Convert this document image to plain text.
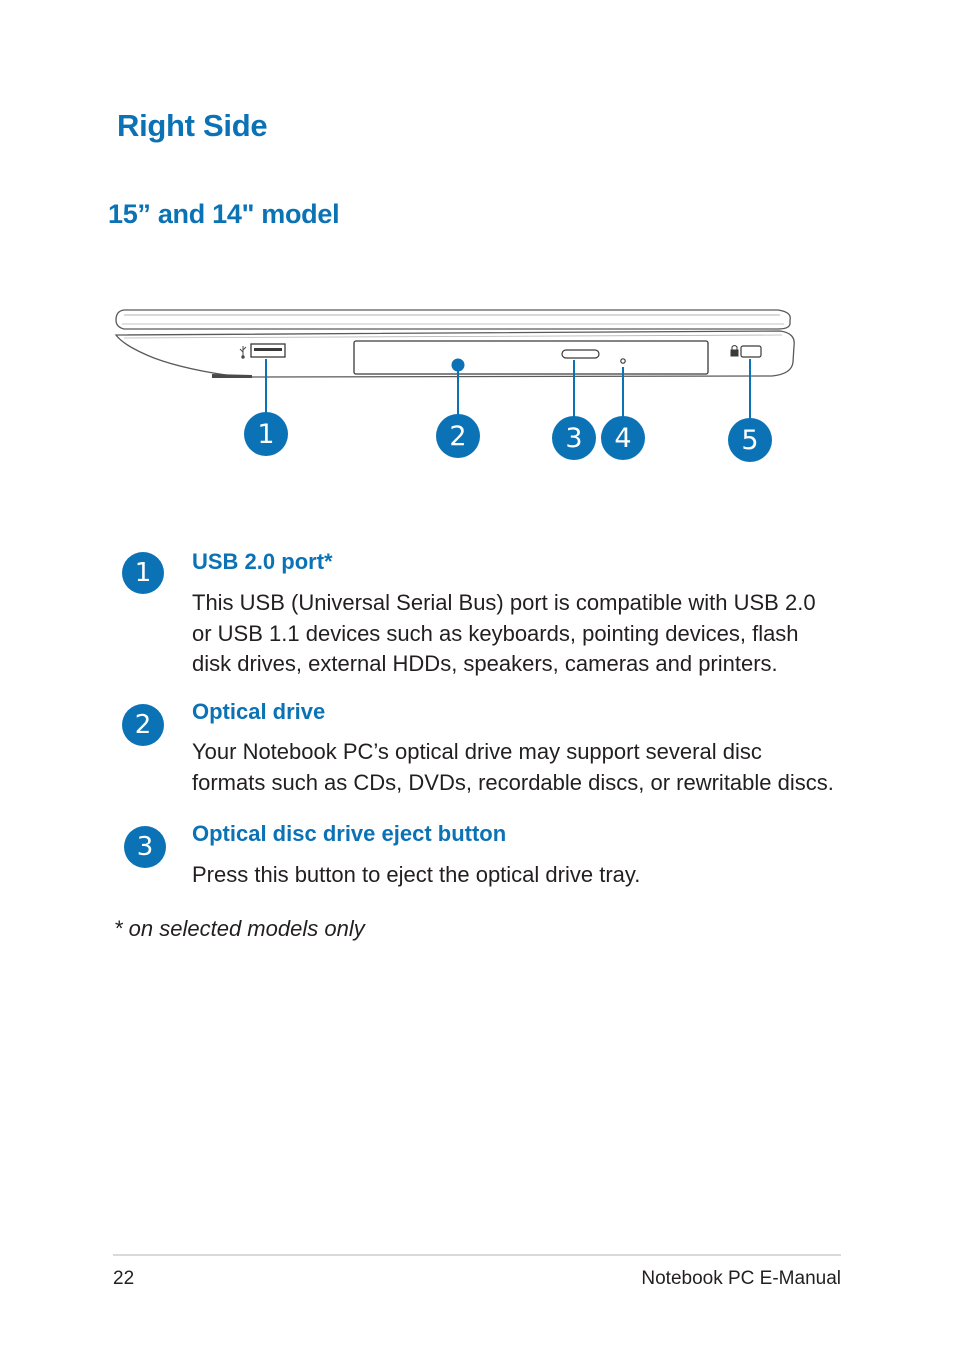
Right Side
15” and 14" model
1	2	3	4	5
1	USB 2.0 port*

This USB (Universal Serial Bus) port is compatible with USB 2.0
or USB 1.1 devices such as keyboards, pointing devices, flash
disk drives, external HDDs, speakers, cameras and printers.
2	Optical drive

Your Notebook PC’s optical drive may support several disc
formats such as CDs, DVDs, recordable discs, or rewritable discs.
3	Optical disc drive eject button

Press this button to eject the optical drive tray.
* on selected models only
22	Notebook PC E-Manual
